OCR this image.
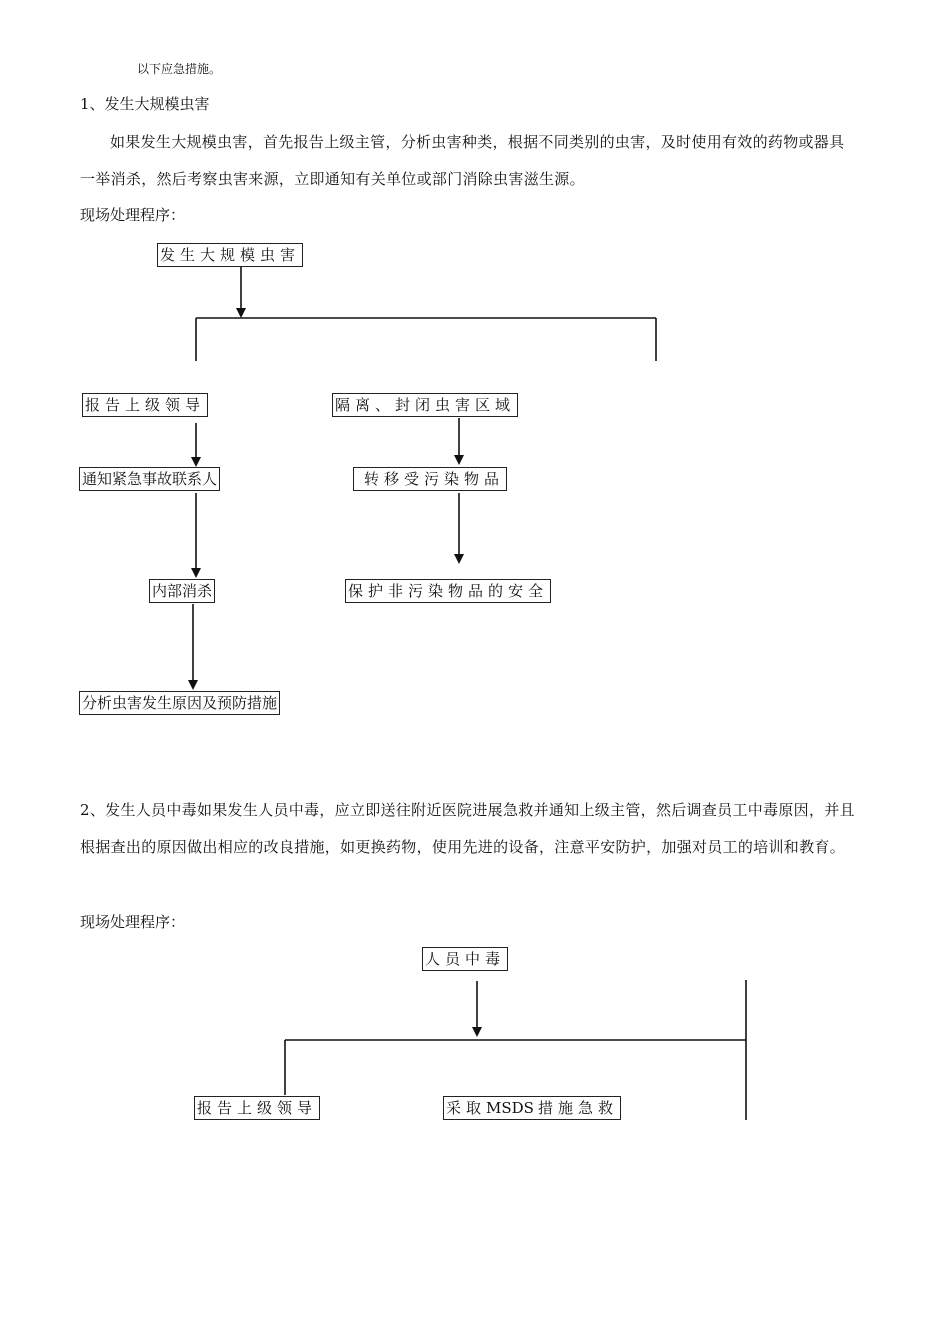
以下应急措施。
1、发生大规模虫害
如果发生大规模虫害，首先报告上级主管，分析虫害种类，根据不同类别的虫害，及时使用有效的药物或器具一举消杀，然后考察虫害来源，立即通知有关单位或部门消除虫害滋生源。
现场处理程序：
发生大规模虫害
报告上级领导
通知紧急事故联系人
内部消杀
分析虫害发生原因及预防措施
隔离、封闭虫害区域
转移受污染物品
保护非污染物品的安全
2、发生人员中毒如果发生人员中毒，应立即送往附近医院进展急救并通知上级主管，然后调查员工中毒原因，并且根据查出的原因做出相应的改良措施，如更换药物，使用先进的设备，注意平安防护，加强对员工的培训和教育。
现场处理程序：
人员中毒
报告上级领导	采取MSDS 措施急救
